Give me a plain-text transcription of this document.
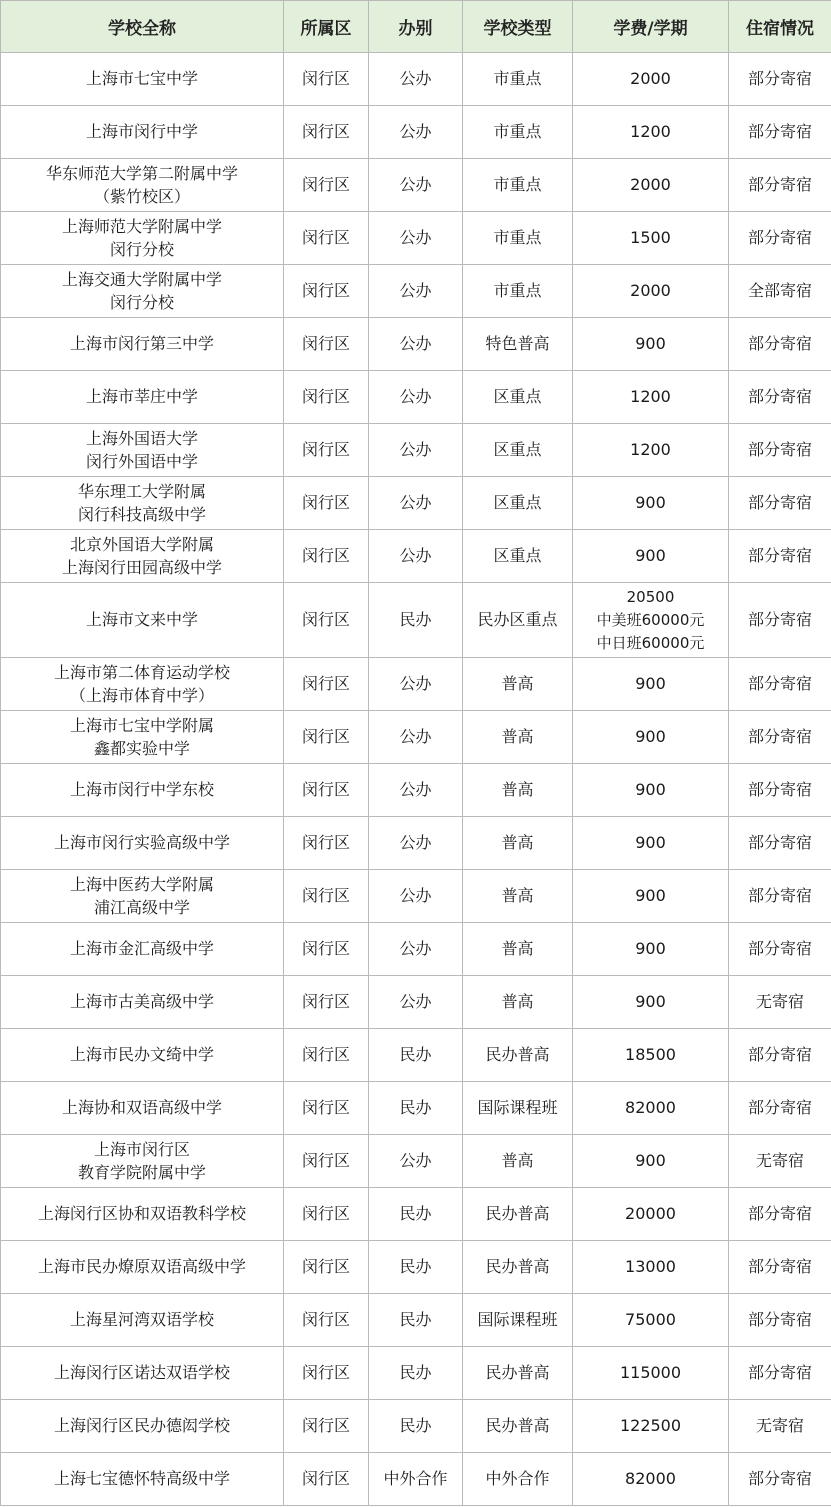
学校全称	所属区	办别	学校类型	学费/学期	住宿情况

上海市七宝中学	闵行区	公办	市重点	2000	部分寄宿

上海市闵行中学	闵行区	公办	市重点	1200	部分寄宿

华东师范大学第二附属中学
（紫竹校区）	闵行区	公办	市重点	2000	部分寄宿

上海师范大学附属中学
闵行分校	闵行区	公办	市重点	1500	部分寄宿

上海交通大学附属中学
闵行分校	闵行区	公办	市重点	2000	全部寄宿

上海市闵行第三中学	闵行区	公办	特色普高	900	部分寄宿

上海市莘庄中学	闵行区	公办	区重点	1200	部分寄宿

上海外国语大学
闵行外国语中学	闵行区	公办	区重点	1200	部分寄宿

华东理工大学附属
闵行科技高级中学	闵行区	公办	区重点	900	部分寄宿

北京外国语大学附属
上海闵行田园高级中学	闵行区	公办	区重点	900	部分寄宿

上海市文来中学	闵行区	民办	民办区重点	20500
中美班60000元
中日班60000元	部分寄宿

上海市第二体育运动学校
（上海市体育中学）	闵行区	公办	普高	900	部分寄宿

上海市七宝中学附属
鑫都实验中学	闵行区	公办	普高	900	部分寄宿

上海市闵行中学东校	闵行区	公办	普高	900	部分寄宿

上海市闵行实验高级中学	闵行区	公办	普高	900	部分寄宿

上海中医药大学附属
浦江高级中学	闵行区	公办	普高	900	部分寄宿

上海市金汇高级中学	闵行区	公办	普高	900	部分寄宿

上海市古美高级中学	闵行区	公办	普高	900	无寄宿

上海市民办文绮中学	闵行区	民办	民办普高	18500	部分寄宿

上海协和双语高级中学	闵行区	民办	国际课程班	82000	部分寄宿

上海市闵行区
教育学院附属中学	闵行区	公办	普高	900	无寄宿

上海闵行区协和双语教科学校	闵行区	民办	民办普高	20000	部分寄宿

上海市民办燎原双语高级中学	闵行区	民办	民办普高	13000	部分寄宿

上海星河湾双语学校	闵行区	民办	国际课程班	75000	部分寄宿

上海闵行区诺达双语学校	闵行区	民办	民办普高	115000	部分寄宿

上海闵行区民办德闳学校	闵行区	民办	民办普高	122500	无寄宿

上海七宝德怀特高级中学	闵行区	中外合作	中外合作	82000	部分寄宿
